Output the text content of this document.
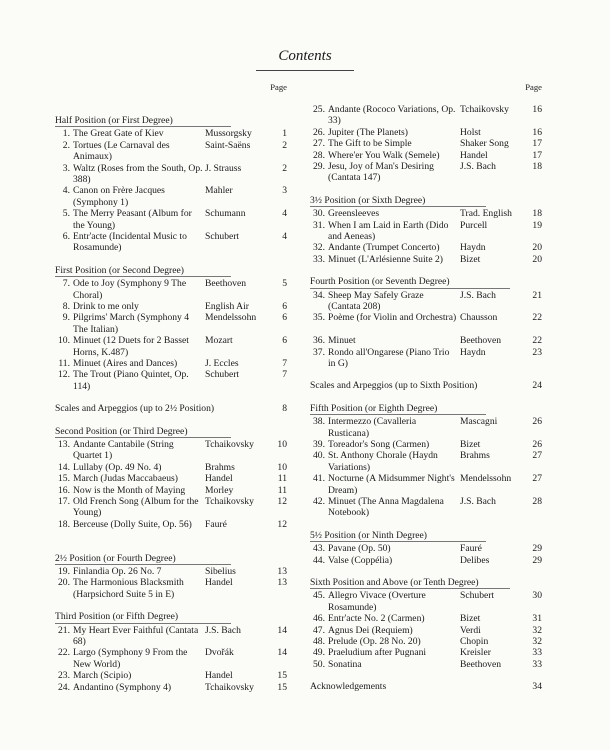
Contents
Page
Half Position (or First Degree)
1. The Great Gate of Kiev	Mussorgsky	1
2. Tortues (Le Carnaval des Animaux)
Saint-Saëns	2
3. Waltz (Roses from the South, Op. 388)
J. Strauss	2
4. Canon on Frère Jacques (Symphony 1)
Mahler	3
5. The Merry Peasant (Album for the Young)
Schumann	4
6. Entr'acte (Incidental Music to Rosamunde)
Schubert	4
First Position (or Second Degree)
7. Ode to Joy (Symphony 9 The Choral)
Beethoven	5
8. Drink to me only	English Air	6
9. Pilgrims' March (Symphony 4 The Italian)
Mendelssohn	6
10. Minuet (12 Duets for 2 Basset Horns, K.487)
Mozart	6
11. Minuet (Aires and Dances)	J. Eccles	7
12. The Trout (Piano Quintet, Op. 114)
Schubert	7
Scales and Arpeggios (up to 2½ Position)	8
Second Position (or Third Degree)
13. Andante Cantabile (String Quartet 1)
Tchaikovsky	10
14. Lullaby (Op. 49 No. 4)	Brahms	10
15. March (Judas Maccabaeus)	Handel	11
16. Now is the Month of Maying	Morley	11
17. Old French Song (Album for the Young)
Tchaikovsky	12
18. Berceuse (Dolly Suite, Op. 56)	Fauré	12
2½ Position (or Fourth Degree)
19. Finlandia Op. 26 No. 7	Sibelius	13
20. The Harmonious Blacksmith (Harpsichord Suite 5 in E)
Handel	13
Third Position (or Fifth Degree)
21. My Heart Ever Faithful (Cantata 68)
J.S. Bach	14
22. Largo (Symphony 9 From the New World)
Dvořák	14
23. March (Scipio)	Handel	15
24. Andantino (Symphony 4)	Tchaikovsky	15
Page
25. Andante (Rococo Variations, Op. 33)
Tchaikovsky	16
26. Jupiter (The Planets)	Holst	16
27. The Gift to be Simple	Shaker Song	17
28. Where'er You Walk (Semele)	Handel	17
29. Jesu, Joy of Man's Desiring (Cantata 147)
J.S. Bach	18
3½ Position (or Sixth Degree)
30. Greensleeves	Trad. English	18
31. When I am Laid in Earth (Dido and Aeneas)
Purcell	19
32. Andante (Trumpet Concerto)	Haydn	20
33. Minuet (L'Arlésienne Suite 2)	Bizet	20
Fourth Position (or Seventh Degree)
34. Sheep May Safely Graze (Cantata 208)
J.S. Bach	21
35. Poème (for Violin and Orchestra) Chausson	22
36. Minuet	Beethoven	22
37. Rondo all'Ongarese (Piano Trio in G)
Haydn	23
Scales and Arpeggios (up to Sixth Position)	24
Fifth Position (or Eighth Degree)
38. Intermezzo (Cavalleria Rusticana)
Mascagni	26
39. Toreador's Song (Carmen)	Bizet	26
40. St. Anthony Chorale (Haydn Variations)
Brahms	27
41. Nocturne (A Midsummer Night's Dream)
Mendelssohn	27
42. Minuet (The Anna Magdalena Notebook)
J.S. Bach	28
5½ Position (or Ninth Degree)
43. Pavane (Op. 50)	Fauré	29
44. Valse (Coppélia)	Delibes	29
Sixth Position and Above (or Tenth Degree)
45. Allegro Vivace (Overture Rosamunde)
Schubert	30
46. Entr'acte No. 2 (Carmen)	Bizet	31
47. Agnus Dei (Requiem)	Verdi	32
48. Prelude (Op. 28 No. 20)	Chopin	32
49. Praeludium after Pugnani	Kreisler	33
50. Sonatina	Beethoven	33
Acknowledgements	34
